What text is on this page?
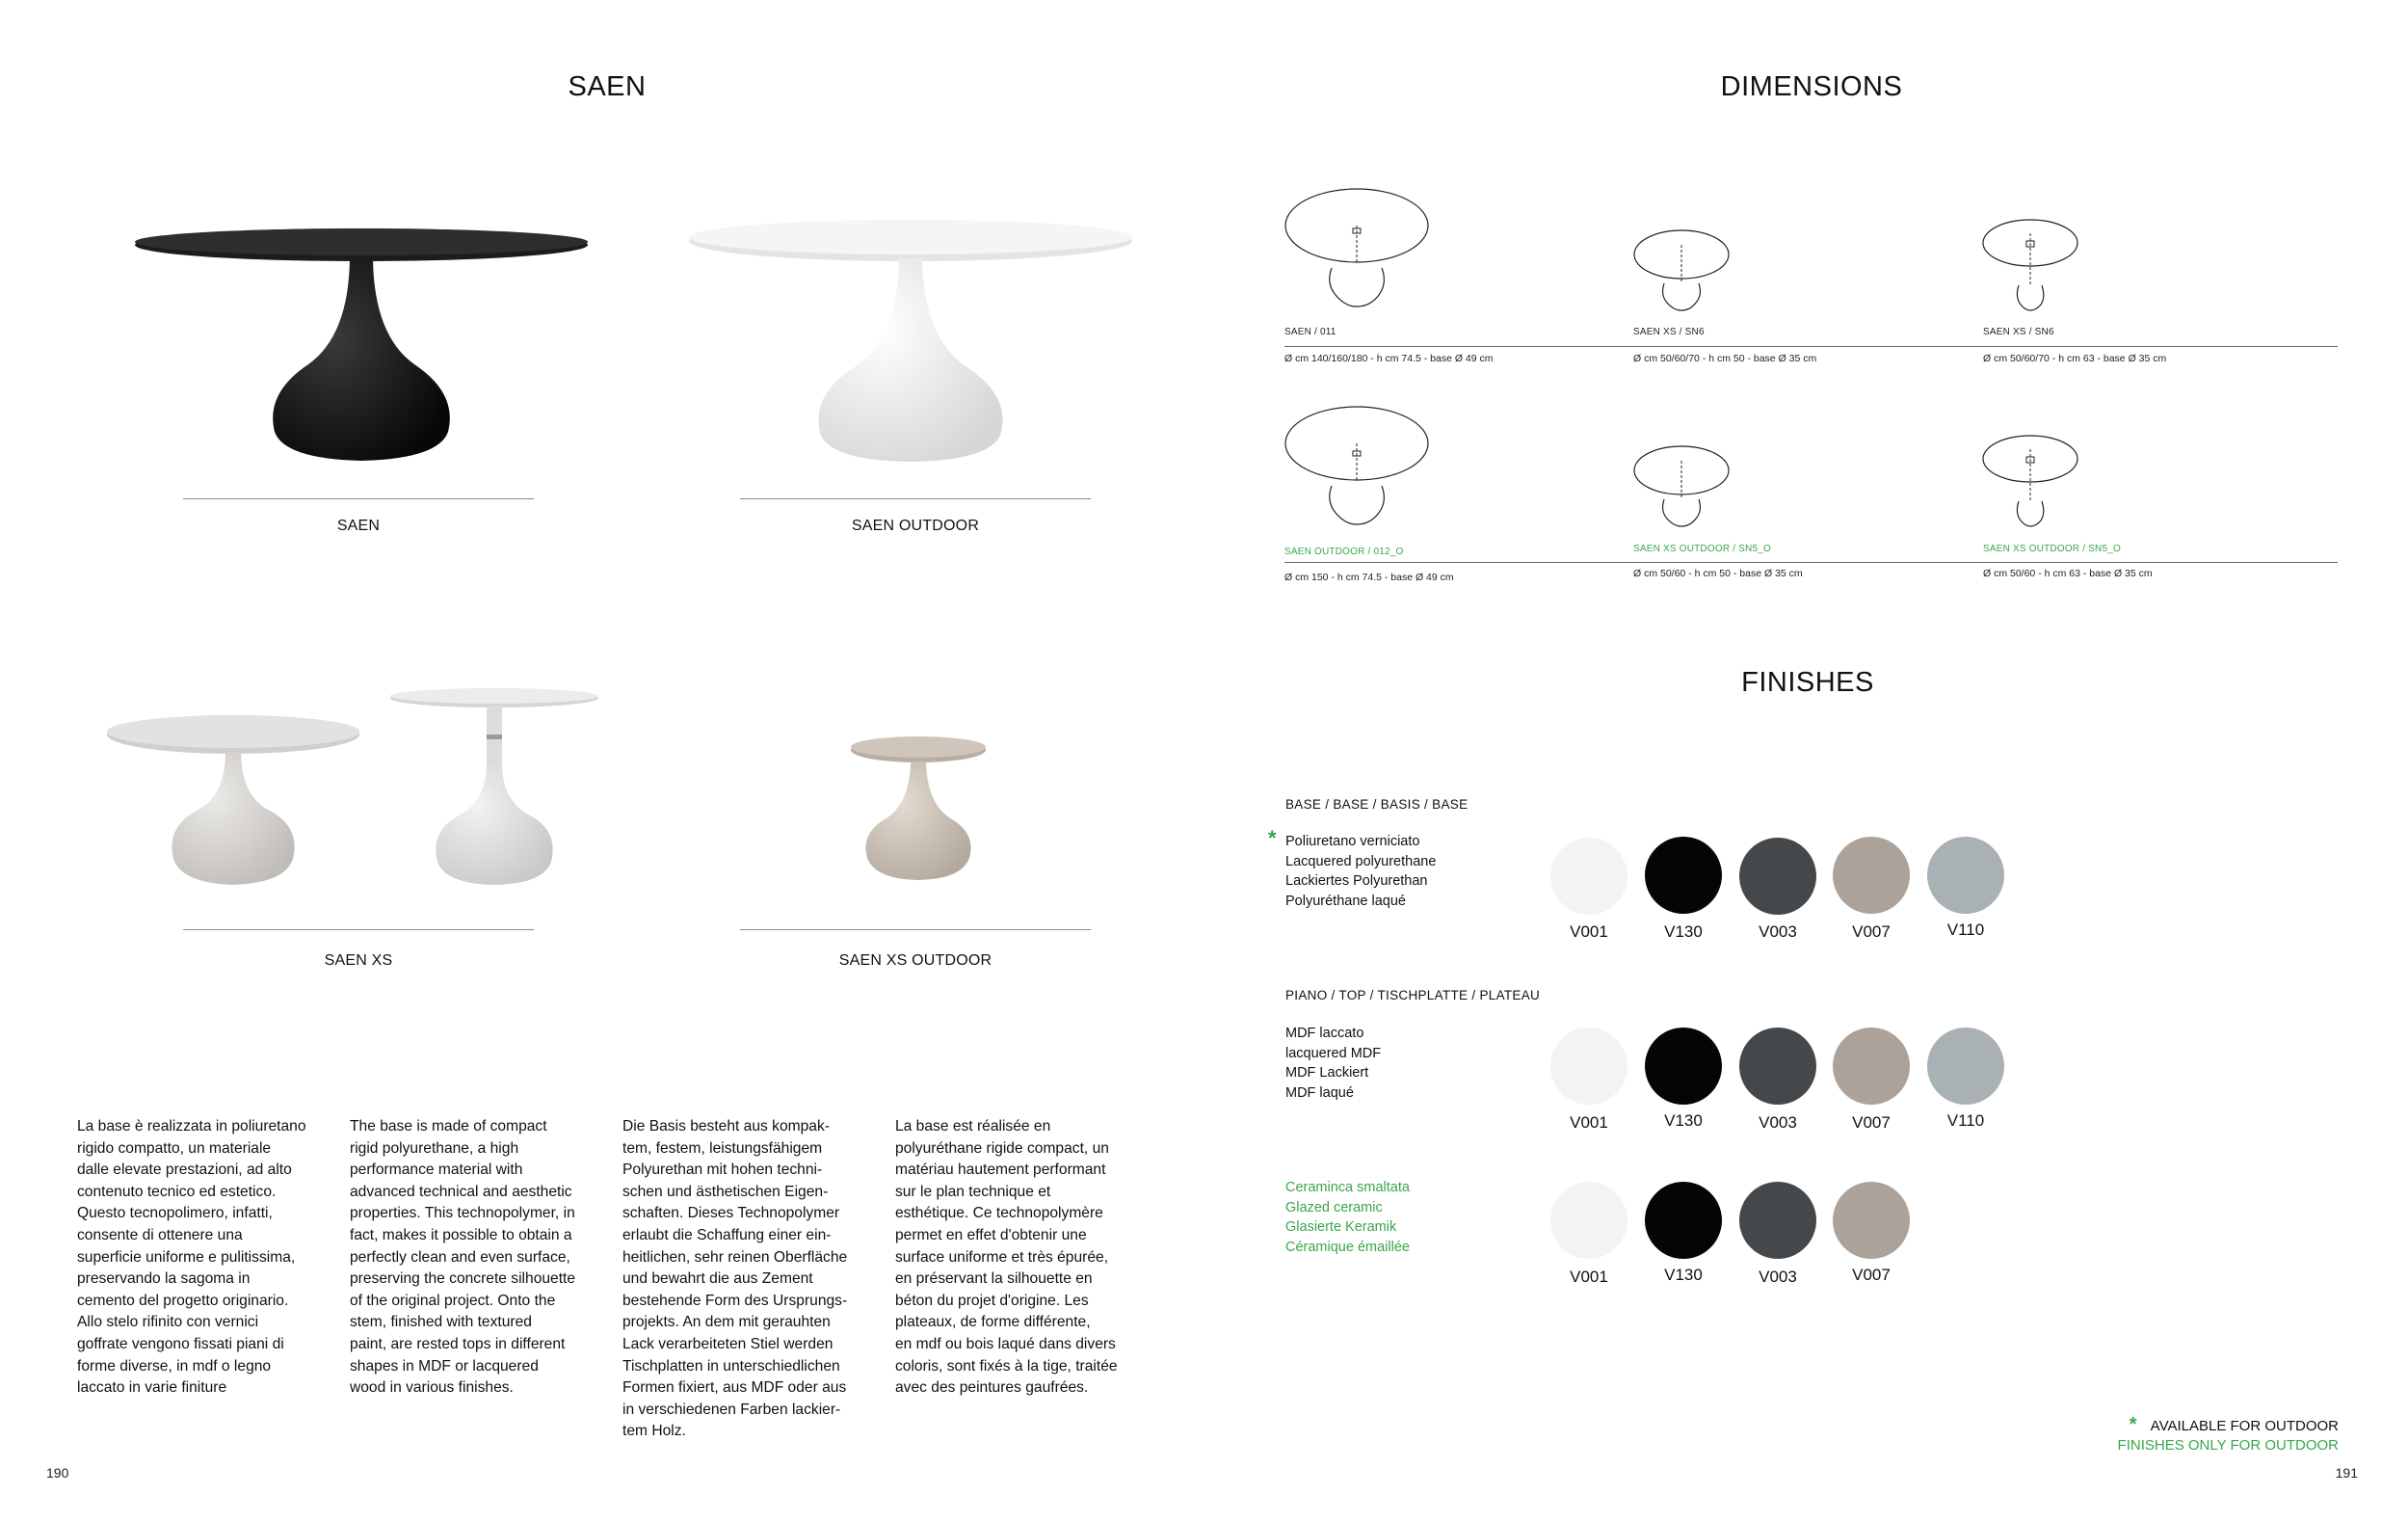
SAEN
SAEN	SAEN OUTDOOR
SAEN XS	SAEN XS OUTDOOR
La base è realizzata in poliuretano
rigido compatto, un materiale
dalle elevate prestazioni, ad alto
contenuto tecnico ed estetico.
Questo tecnopolimero, infatti,
consente di ottenere una
superficie uniforme e pulitissima,
preservando la sagoma in
cemento del progetto originario.
Allo stelo rifinito con vernici
goffrate vengono fissati piani di
forme diverse, in mdf o legno
laccato in varie finiture
The base is made of compact
rigid polyurethane, a high
performance material with
advanced technical and aesthetic
properties. This technopolymer, in
fact, makes it possible to obtain a
perfectly clean and even surface,
preserving the concrete silhouette
of the original project. Onto the
stem, finished with textured
paint, are rested tops in different
shapes in MDF or lacquered
wood in various finishes.
Die Basis besteht aus kompak-
tem, festem, leistungsfähigem
Polyurethan mit hohen techni-
schen und ästhetischen Eigen-
schaften. Dieses Technopolymer
erlaubt die Schaffung einer ein-
heitlichen, sehr reinen Oberfläche
und bewahrt die aus Zement
bestehende Form des Ursprungs-
projekts. An dem mit gerauhten
Lack verarbeiteten Stiel werden
Tischplatten in unterschiedlichen
Formen fixiert, aus MDF oder aus
in verschiedenen Farben lackier-
tem Holz.
La base est réalisée en
polyuréthane rigide compact, un
matériau hautement performant
sur le plan technique et
esthétique. Ce technopolymère
permet en effet d'obtenir une
surface uniforme et très épurée,
en préservant la silhouette en
béton du projet d'origine. Les
plateaux, de forme différente,
en mdf ou bois laqué dans divers
coloris, sont fixés à la tige, traitée
avec des peintures gaufrées.
190
DIMENSIONS
SAEN / 011	SAEN XS / SN6	SAEN XS / SN6
Ø cm 140/160/180 - h cm 74.5 - base Ø 49 cm	Ø cm 50/60/70 - h cm 50 - base Ø 35 cm	Ø cm 50/60/70 - h cm 63 - base Ø 35 cm
SAEN OUTDOOR / 012_O	SAEN XS OUTDOOR / SN5_O	SAEN XS OUTDOOR / SN5_O
Ø cm 150 - h cm 74.5 - base Ø 49 cm	Ø cm 50/60 - h cm 50 - base Ø 35 cm	Ø cm 50/60 - h cm 63 - base Ø 35 cm
FINISHES
BASE / BASE / BASIS / BASE
* Poliuretano verniciato
Lacquered polyurethane
Lackiertes Polyurethan
Polyuréthane laqué
V001	V130	V003	V007	V110
PIANO / TOP / TISCHPLATTE / PLATEAU
MDF laccato
lacquered MDF
MDF Lackiert
MDF laqué
V001	V130	V003	V007	V110
Ceraminca smaltata
Glazed ceramic
Glasierte Keramik
Céramique émaillée
V001	V130	V003	V007
* AVAILABLE FOR OUTDOOR
FINISHES ONLY FOR OUTDOOR
191
